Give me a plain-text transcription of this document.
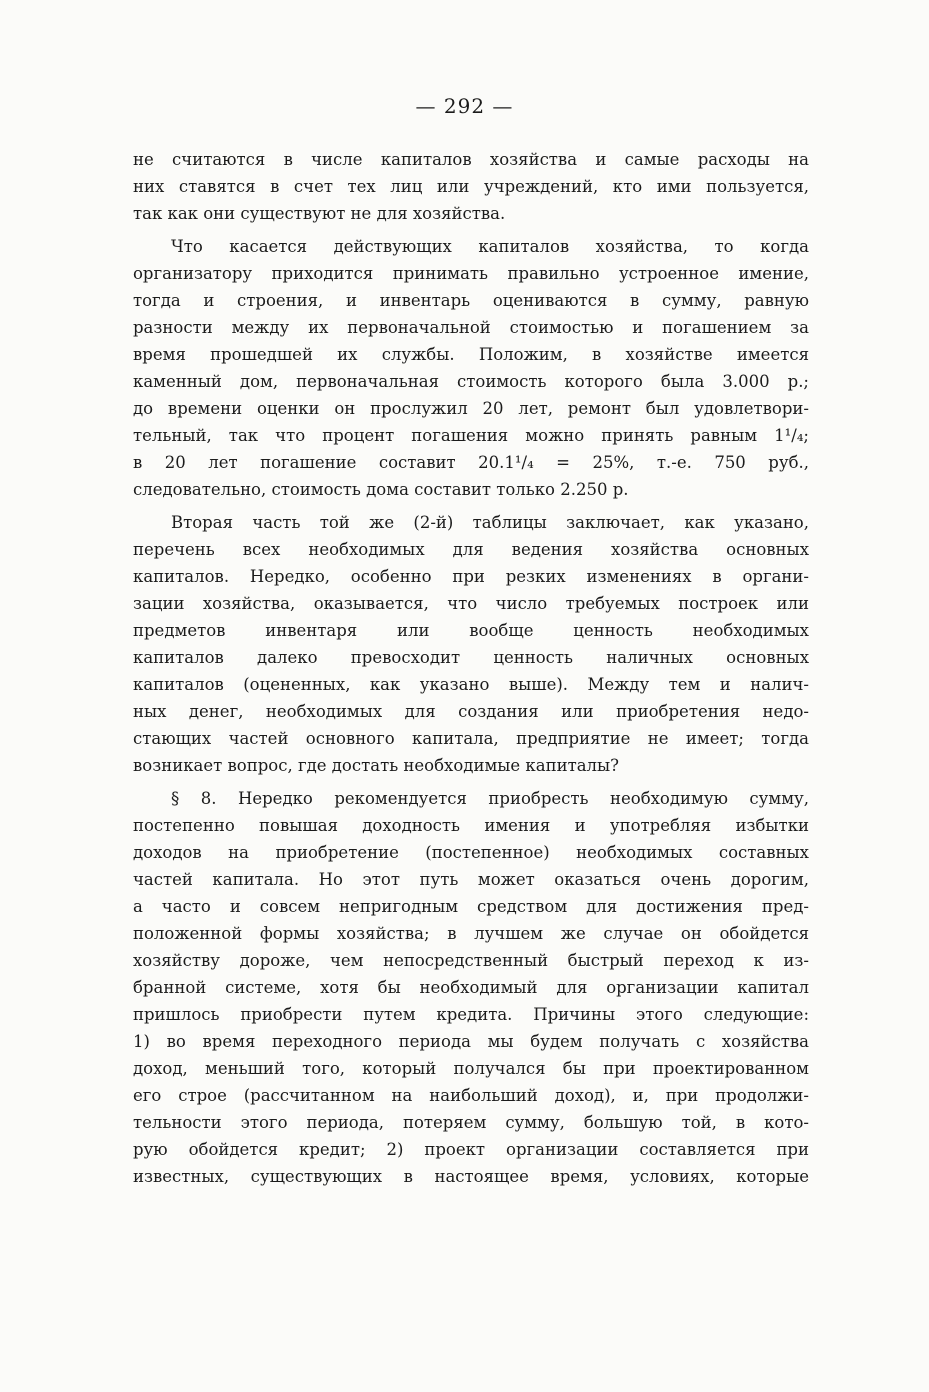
— 292 —
не считаются в числе капиталов хозяйства и самые расходы на
них ставятся в счет тех лиц или учреждений, кто ими пользуется,
так как они существуют не для хозяйства.
Что касается действующих капиталов хозяйства, то когда
организатору приходится принимать правильно устроенное имение,
тогда и строения, и инвентарь оцениваются в сумму, равную
разности между их первоначальной стоимостью и погашением за
время прошедшей их службы. Положим, в хозяйстве имеется
каменный дом, первоначальная стоимость которого была 3.000 р.;
до времени оценки он прослужил 20 лет, ремонт был удовлетвори-
тельный, так что процент погашения можно принять равным 1¹/₄;
в 20 лет погашение составит 20.1¹/₄ = 25%, т.-е. 750 руб.,
следовательно, стоимость дома составит только 2.250 р.
Вторая часть той же (2-й) таблицы заключает, как указано,
перечень всех необходимых для ведения хозяйства основных
капиталов. Нередко, особенно при резких изменениях в органи-
зации хозяйства, оказывается, что число требуемых построек или
предметов инвентаря или вообще ценность необходимых
капиталов далеко превосходит ценность наличных основных
капиталов (оцененных, как указано выше). Между тем и налич-
ных денег, необходимых для создания или приобретения недо-
стающих частей основного капитала, предприятие не имеет; тогда
возникает вопрос, где достать необходимые капиталы?
§ 8. Нередко рекомендуется приобресть необходимую сумму,
постепенно повышая доходность имения и употребляя избытки
доходов на приобретение (постепенное) необходимых составных
частей капитала. Но этот путь может оказаться очень дорогим,
а часто и совсем непригодным средством для достижения пред-
положенной формы хозяйства; в лучшем же случае он обойдется
хозяйству дороже, чем непосредственный быстрый переход к из-
бранной системе, хотя бы необходимый для организации капитал
пришлось приобрести путем кредита. Причины этого следующие:
1) во время переходного периода мы будем получать с хозяйства
доход, меньший того, который получался бы при проектированном
его строе (рассчитанном на наибольший доход), и, при продолжи-
тельности этого периода, потеряем сумму, большую той, в кото-
рую обойдется кредит; 2) проект организации составляется при
известных, существующих в настоящее время, условиях, которые
